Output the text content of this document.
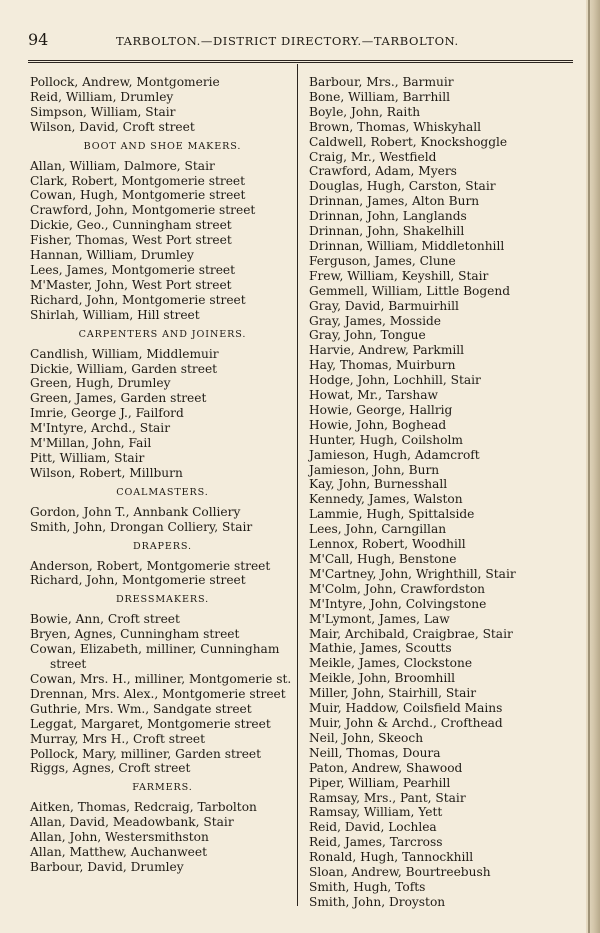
94	TARBOLTON.—DISTRICT DIRECTORY.—TARBOLTON.
Pollock, Andrew, Montgomerie
Reid, William, Drumley
Simpson, William, Stair
Wilson, David, Croft street
BOOT AND SHOE MAKERS.
Allan, William, Dalmore, Stair
Clark, Robert, Montgomerie street
Cowan, Hugh, Montgomerie street
Crawford, John, Montgomerie street
Dickie, Geo., Cunningham street
Fisher, Thomas, West Port street
Hannan, William, Drumley
Lees, James, Montgomerie street
M'Master, John, West Port street
Richard, John, Montgomerie street
Shirlah, William, Hill street
CARPENTERS AND JOINERS.
Candlish, William, Middlemuir
Dickie, William, Garden street
Green, Hugh, Drumley
Green, James, Garden street
Imrie, George J., Failford
M'Intyre, Archd., Stair
M'Millan, John, Fail
Pitt, William, Stair
Wilson, Robert, Millburn
COALMASTERS.
Gordon, John T., Annbank Colliery
Smith, John, Drongan Colliery, Stair
DRAPERS.
Anderson, Robert, Montgomerie street
Richard, John, Montgomerie street
DRESSMAKERS.
Bowie, Ann, Croft street
Bryen, Agnes, Cunningham street
Cowan, Elizabeth, milliner, Cunningham street
Cowan, Mrs. H., milliner, Montgomerie st.
Drennan, Mrs. Alex., Montgomerie street
Guthrie, Mrs. Wm., Sandgate street
Leggat, Margaret, Montgomerie street
Murray, Mrs H., Croft street
Pollock, Mary, milliner, Garden street
Riggs, Agnes, Croft street
FARMERS.
Aitken, Thomas, Redcraig, Tarbolton
Allan, David, Meadowbank, Stair
Allan, John, Westersmithston
Allan, Matthew, Auchanweet
Barbour, David, Drumley
Barbour, Mrs., Barmuir
Bone, William, Barrhill
Boyle, John, Raith
Brown, Thomas, Whiskyhall
Caldwell, Robert, Knockshoggle
Craig, Mr., Westfield
Crawford, Adam, Myers
Douglas, Hugh, Carston, Stair
Drinnan, James, Alton Burn
Drinnan, John, Langlands
Drinnan, John, Shakelhill
Drinnan, William, Middletonhill
Ferguson, James, Clune
Frew, William, Keyshill, Stair
Gemmell, William, Little Bogend
Gray, David, Barmuirhill
Gray, James, Mosside
Gray, John, Tongue
Harvie, Andrew, Parkmill
Hay, Thomas, Muirburn
Hodge, John, Lochhill, Stair
Howat, Mr., Tarshaw
Howie, George, Hallrig
Howie, John, Boghead
Hunter, Hugh, Coilsholm
Jamieson, Hugh, Adamcroft
Jamieson, John, Burn
Kay, John, Burnesshall
Kennedy, James, Walston
Lammie, Hugh, Spittalside
Lees, John, Carngillan
Lennox, Robert, Woodhill
M'Call, Hugh, Benstone
M'Cartney, John, Wrighthill, Stair
M'Colm, John, Crawfordston
M'Intyre, John, Colvingstone
M'Lymont, James, Law
Mair, Archibald, Craigbrae, Stair
Mathie, James, Scoutts
Meikle, James, Clockstone
Meikle, John, Broomhill
Miller, John, Stairhill, Stair
Muir, Haddow, Coilsfield Mains
Muir, John & Archd., Crofthead
Neil, John, Skeoch
Neill, Thomas, Doura
Paton, Andrew, Shawood
Piper, William, Pearhill
Ramsay, Mrs., Pant, Stair
Ramsay, William, Yett
Reid, David, Lochlea
Reid, James, Tarcross
Ronald, Hugh, Tannockhill
Sloan, Andrew, Bourtreebush
Smith, Hugh, Tofts
Smith, John, Droyston
